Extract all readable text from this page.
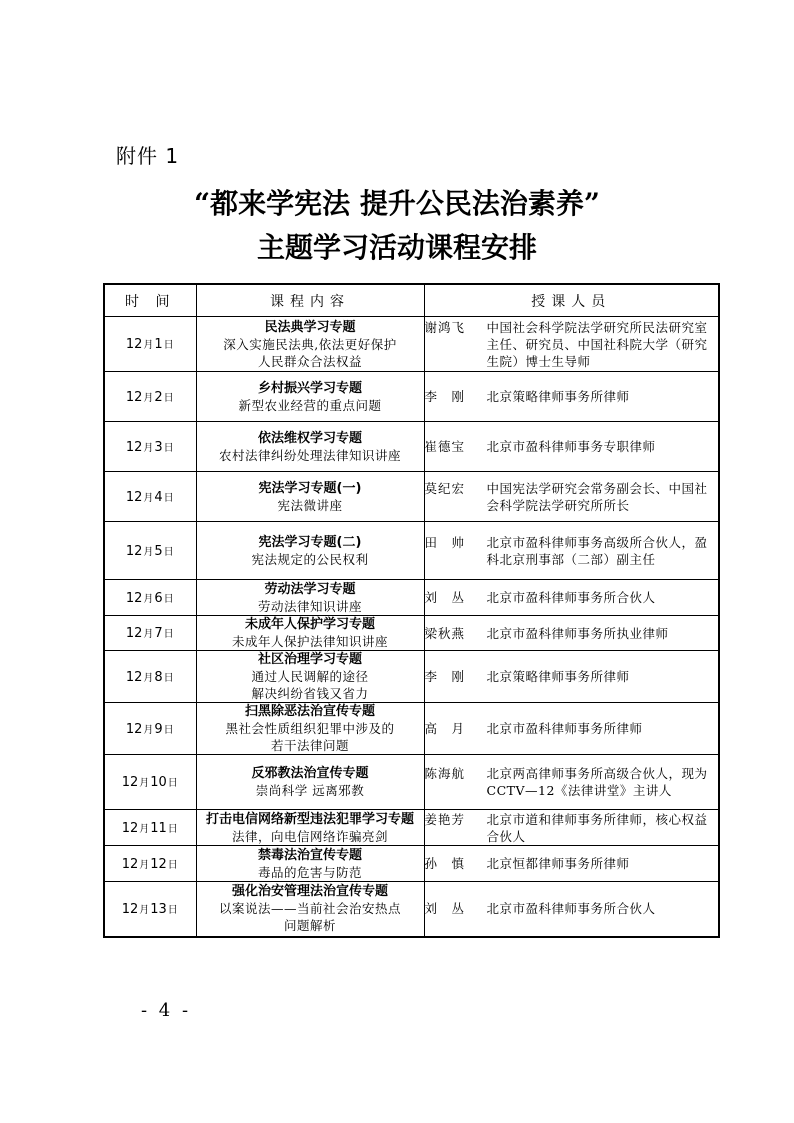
附件 1
“都来学宪法 提升公民法治素养”
主题学习活动课程安排
时 间	课程内容	授课人员
12月1日	民法典学习专题
深入实施民法典,依法更好保护
人民群众合法权益	谢鸿飞 中国社会科学院法学研究所民法研究室主任、研究员、中国社科院大学（研究生院）博士生导师

12月2日	乡村振兴学习专题
新型农业经营的重点问题	李　刚 北京策略律师事务所律师

12月3日	依法维权学习专题
农村法律纠纷处理法律知识讲座	崔德宝 北京市盈科律师事务专职律师

12月4日	宪法学习专题(一)
宪法微讲座	莫纪宏 中国宪法学研究会常务副会长、中国社会科学院法学研究所所长

12月5日	宪法学习专题(二)
宪法规定的公民权利	田　帅 北京市盈科律师事务高级所合伙人，盈科北京刑事部（二部）副主任

12月6日	劳动法学习专题
劳动法律知识讲座	刘　丛 北京市盈科律师事务所合伙人

12月7日	未成年人保护学习专题
未成年人保护法律知识讲座	梁秋燕 北京市盈科律师事务所执业律师

12月8日	社区治理学习专题
通过人民调解的途径
解决纠纷省钱又省力	李　刚 北京策略律师事务所律师

12月9日	扫黑除恶法治宣传专题
黑社会性质组织犯罪中涉及的
若干法律问题	高　月 北京市盈科律师事务所律师

12月10日	反邪教法治宣传专题
崇尚科学 远离邪教	陈海航 北京两高律师事务所高级合伙人，现为 CCTV—12《法律讲堂》主讲人

12月11日	打击电信网络新型违法犯罪学习专题
法律，向电信网络诈骗亮剑	姜艳芳 北京市道和律师事务所律师，核心权益合伙人

12月12日	禁毒法治宣传专题
毒品的危害与防范	孙　慎 北京恒都律师事务所律师

12月13日	强化治安管理法治宣传专题
以案说法——当前社会治安热点
问题解析	刘　丛 北京市盈科律师事务所合伙人
- 4 -
